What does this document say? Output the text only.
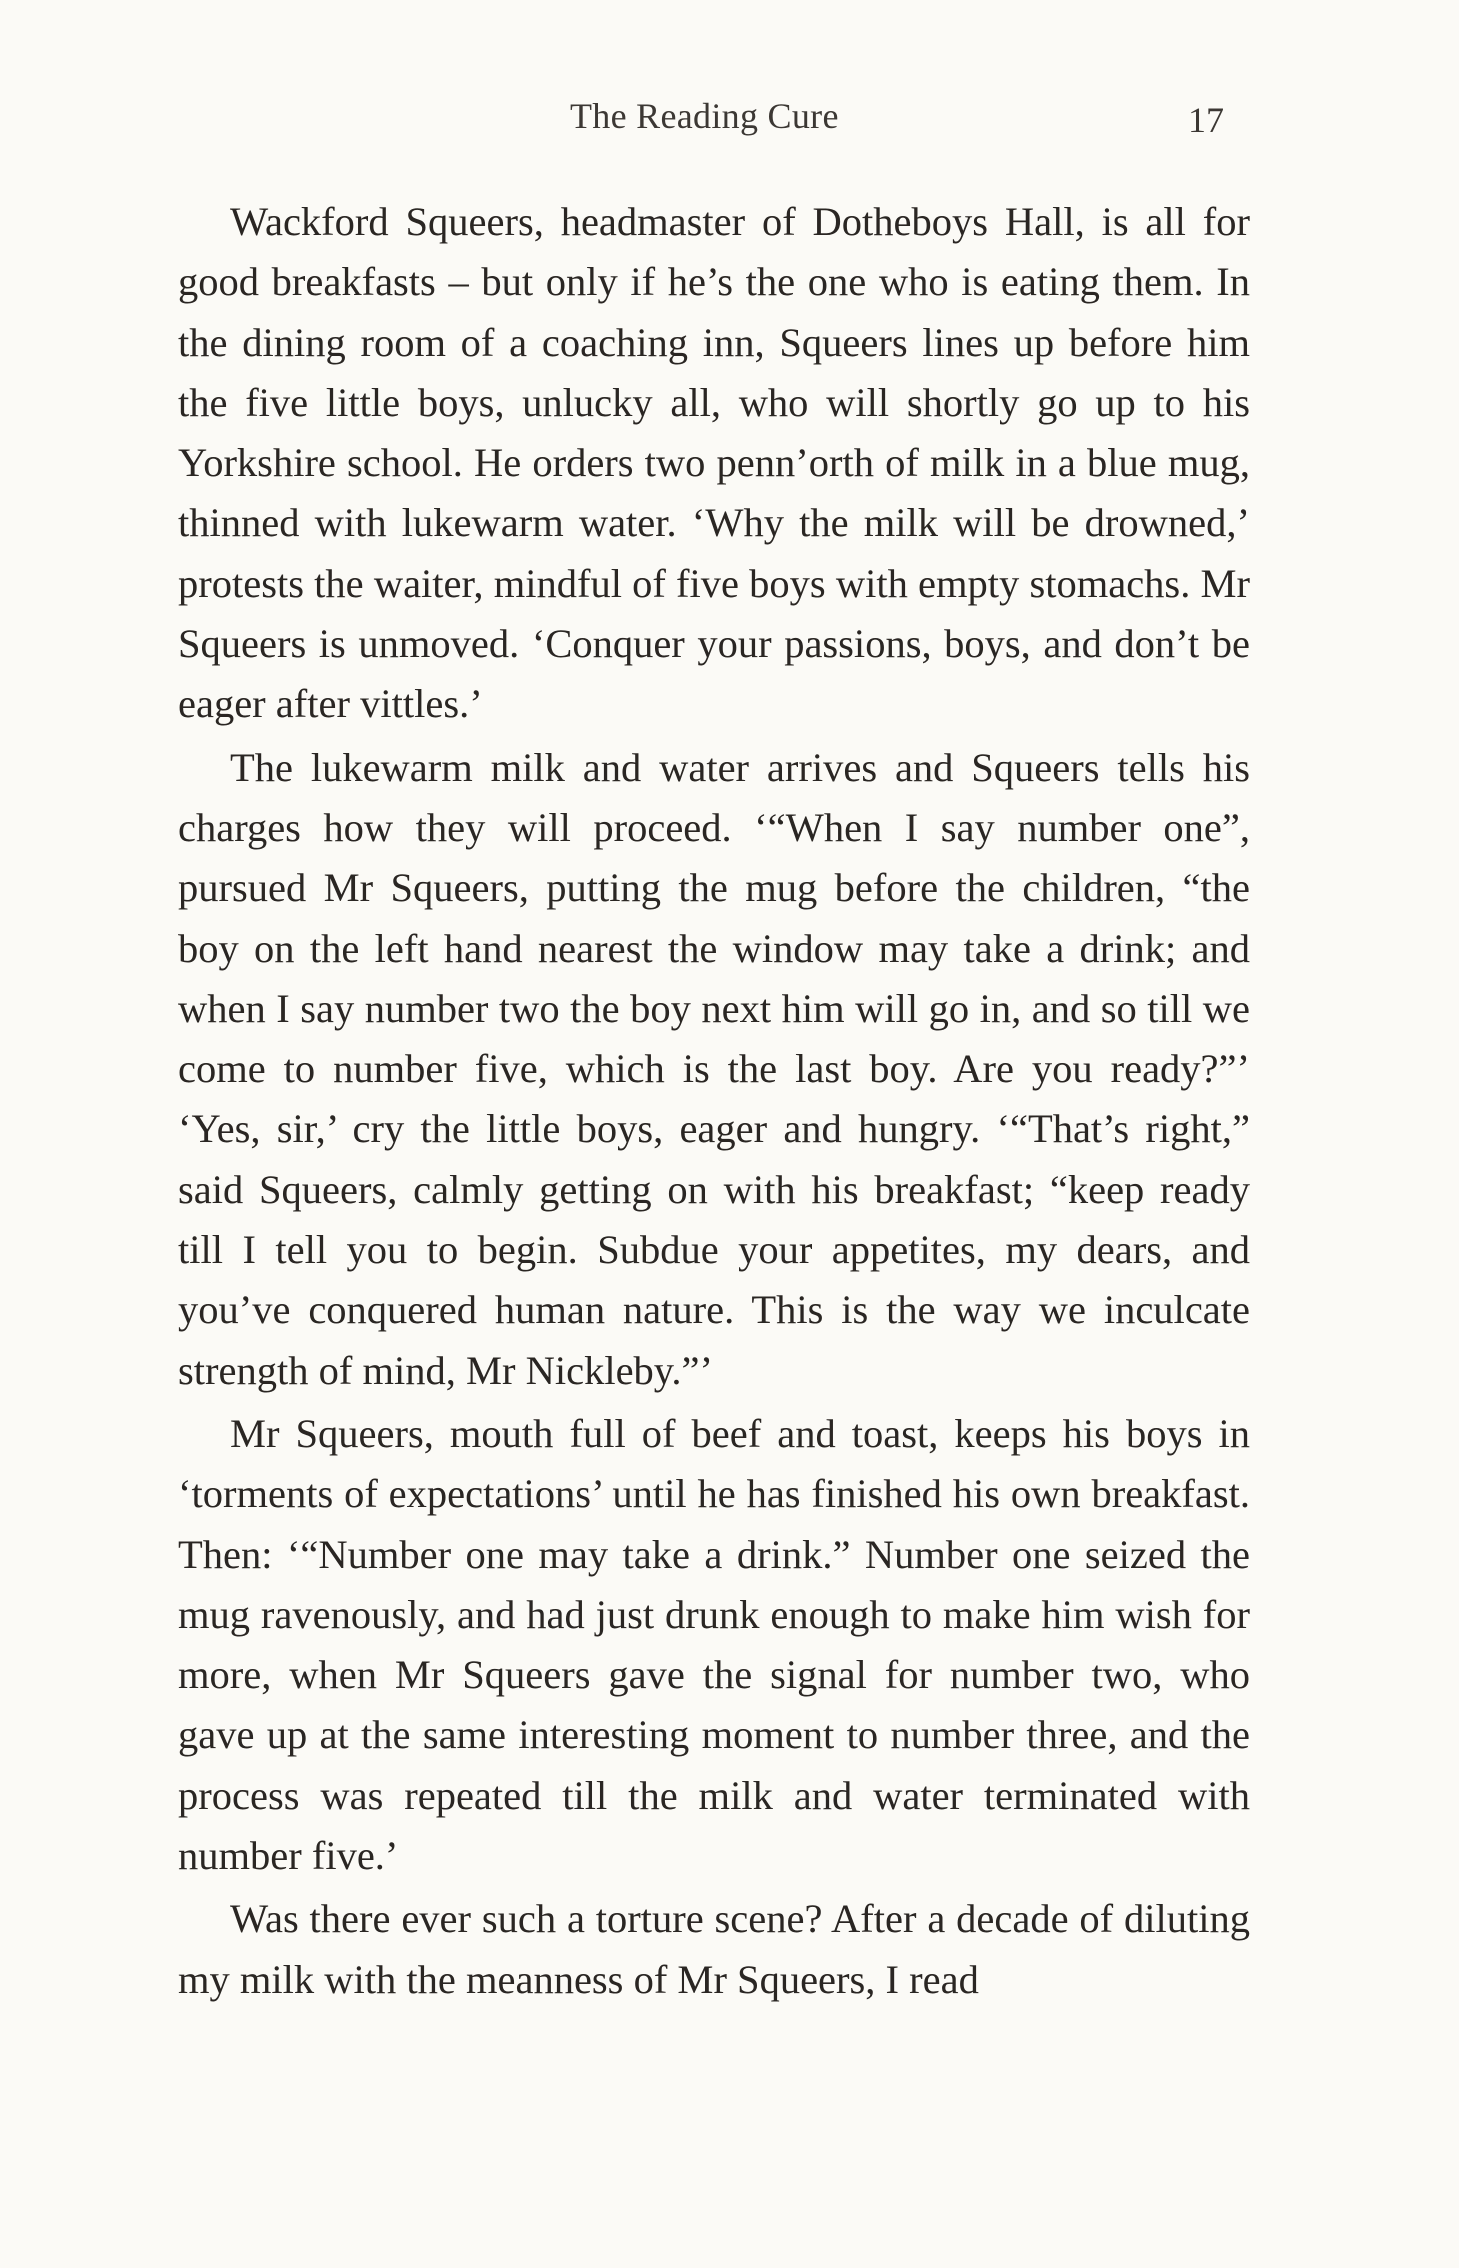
The Reading Cure	17

Wackford Squeers, headmaster of Dotheboys Hall, is all for good breakfasts – but only if he’s the one who is eating them. In the dining room of a coaching inn, Squeers lines up before him the five little boys, unlucky all, who will shortly go up to his Yorkshire school. He orders two penn’orth of milk in a blue mug, thinned with lukewarm water. ‘Why the milk will be drowned,’ protests the waiter, mindful of five boys with empty stomachs. Mr Squeers is unmoved. ‘Conquer your passions, boys, and don’t be eager after vittles.’

The lukewarm milk and water arrives and Squeers tells his charges how they will proceed. ‘“When I say number one”, pursued Mr Squeers, putting the mug before the children, “the boy on the left hand nearest the window may take a drink; and when I say number two the boy next him will go in, and so till we come to number five, which is the last boy. Are you ready?”’ ‘Yes, sir,’ cry the little boys, eager and hungry. ‘“That’s right,” said Squeers, calmly getting on with his breakfast; “keep ready till I tell you to begin. Subdue your appetites, my dears, and you’ve conquered human nature. This is the way we inculcate strength of mind, Mr Nickleby.”’

Mr Squeers, mouth full of beef and toast, keeps his boys in ‘torments of expectations’ until he has finished his own breakfast. Then: ‘“Number one may take a drink.” Number one seized the mug ravenously, and had just drunk enough to make him wish for more, when Mr Squeers gave the signal for number two, who gave up at the same interesting moment to number three, and the process was repeated till the milk and water terminated with number five.’

Was there ever such a torture scene? After a decade of diluting my milk with the meanness of Mr Squeers, I read
